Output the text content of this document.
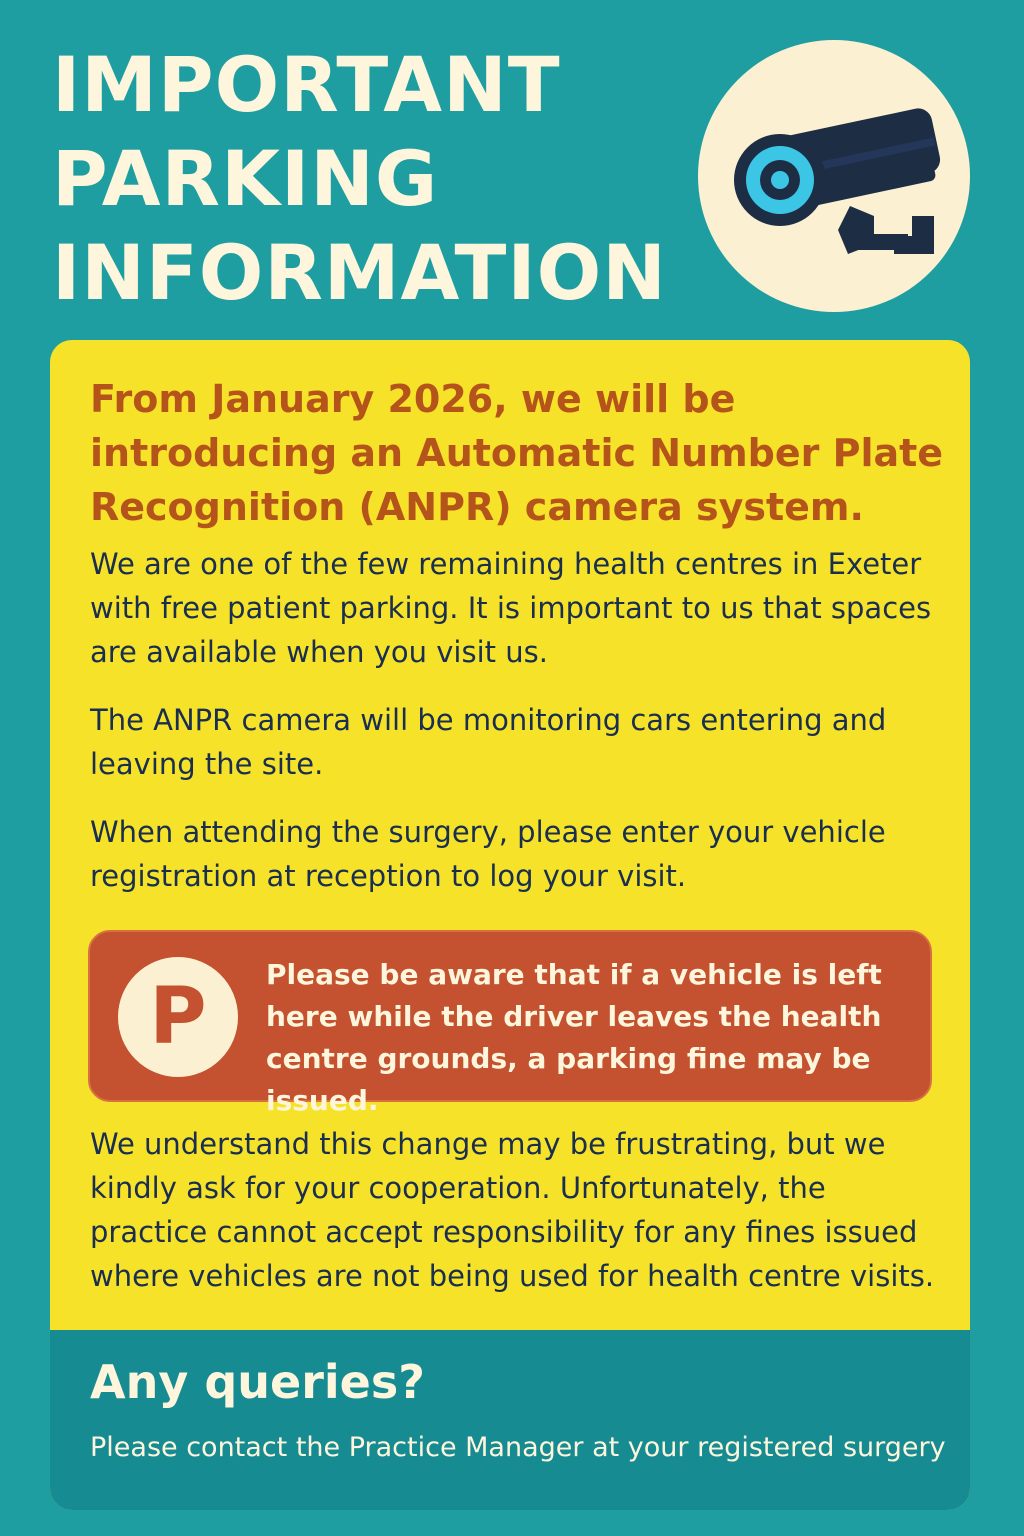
IMPORTANT
PARKING
INFORMATION

From January 2026, we will be introducing an Automatic Number Plate Recognition (ANPR) camera system.

We are one of the few remaining health centres in Exeter with free patient parking. It is important to us that spaces are available when you visit us.

The ANPR camera will be monitoring cars entering and leaving the site.

When attending the surgery, please enter your vehicle registration at reception to log your visit.

P	Please be aware that if a vehicle is left here while the driver leaves the health centre grounds, a parking fine may be issued.

We understand this change may be frustrating, but we kindly ask for your cooperation. Unfortunately, the practice cannot accept responsibility for any fines issued where vehicles are not being used for health centre visits.

Any queries?

Please contact the Practice Manager at your registered surgery
